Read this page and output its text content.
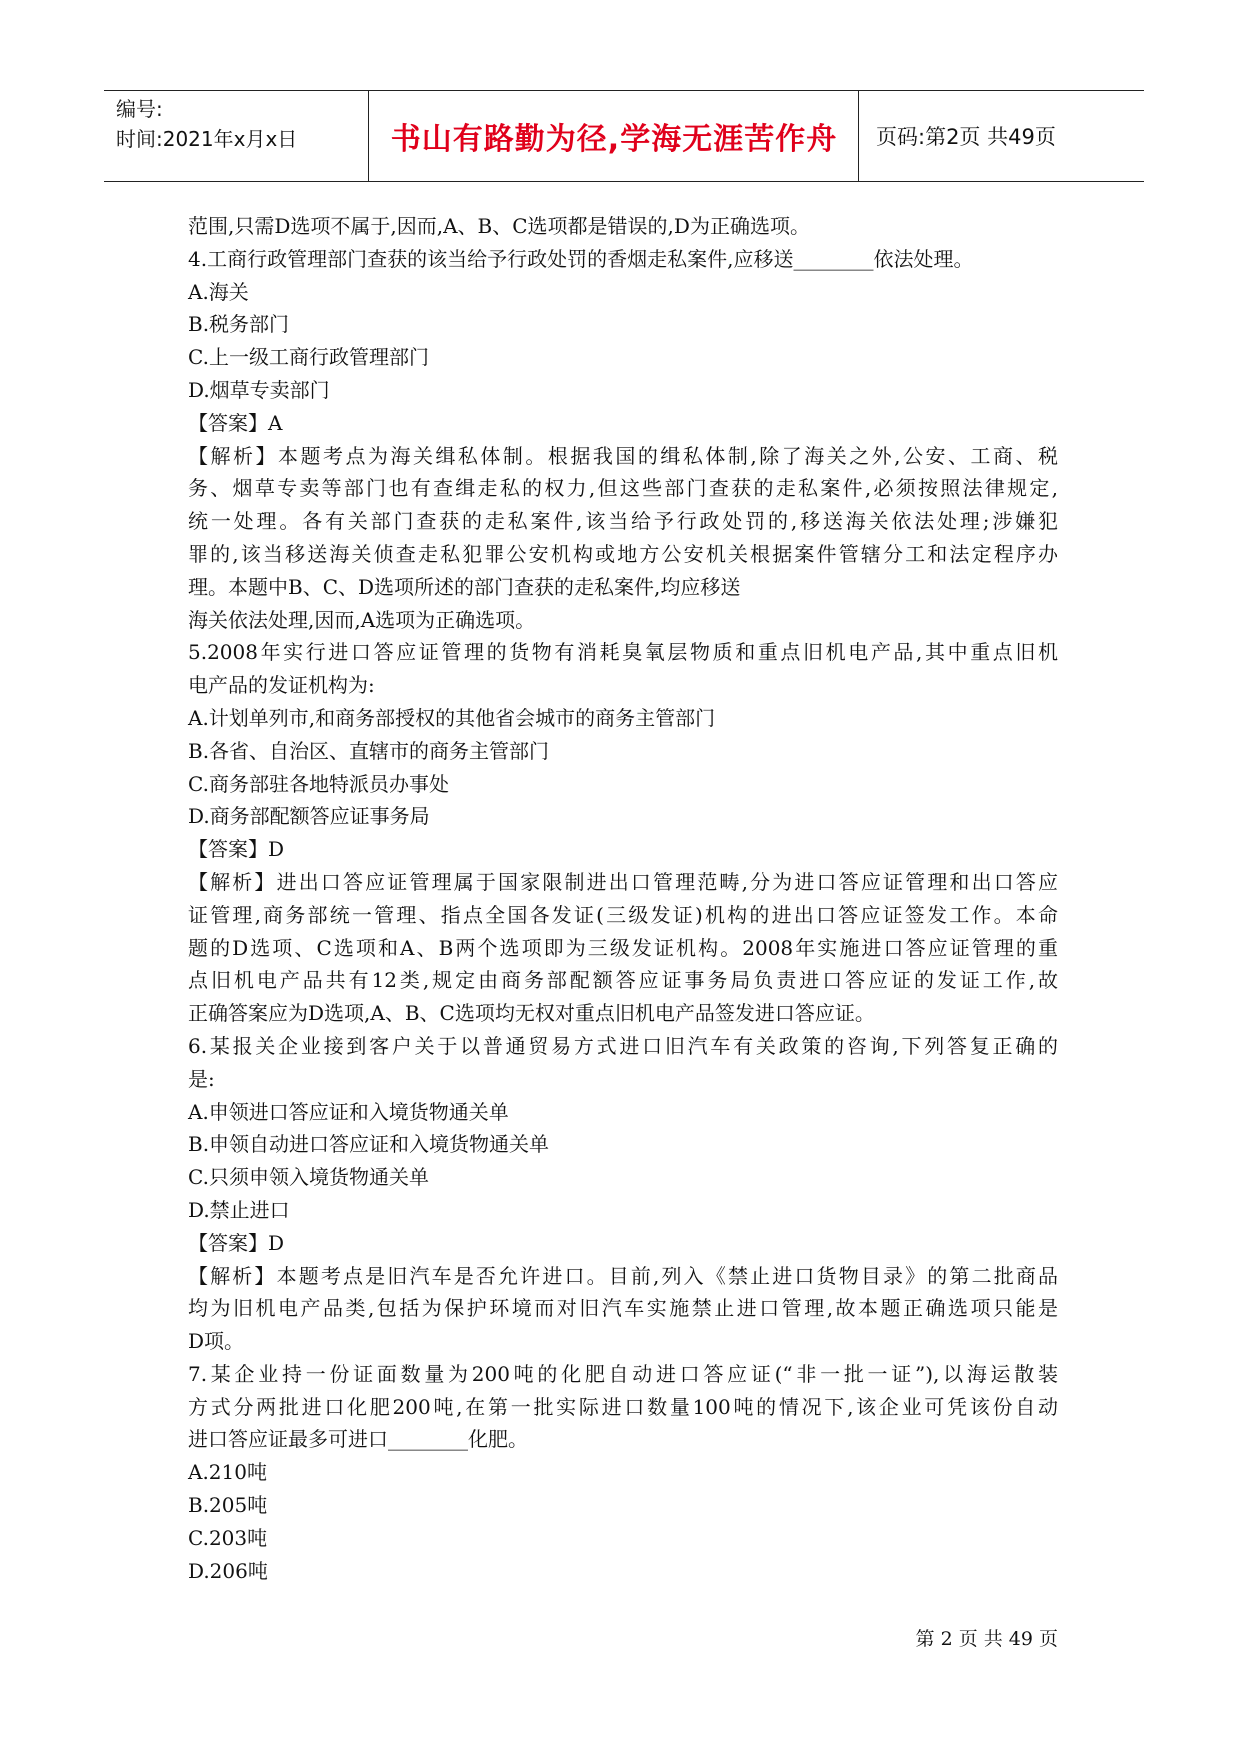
编号:
时间:2021年x月x日	书山有路勤为径,学海无涯苦作舟	页码:第2页 共49页

范围,只需D选项不属于,因而,A、B、C选项都是错误的,D为正确选项。

4.工商行政管理部门查获的该当给予行政处罚的香烟走私案件,应移送________依法处理。

A.海关

B.税务部门

C.上一级工商行政管理部门

D.烟草专卖部门

【答案】A

【解析】本题考点为海关缉私体制。根据我国的缉私体制,除了海关之外,公安、工商、税

务、烟草专卖等部门也有查缉走私的权力,但这些部门查获的走私案件,必须按照法律规定,

统一处理。各有关部门查获的走私案件,该当给予行政处罚的,移送海关依法处理;涉嫌犯

罪的,该当移送海关侦查走私犯罪公安机构或地方公安机关根据案件管辖分工和法定程序办

理。本题中B、C、D选项所述的部门查获的走私案件,均应移送

海关依法处理,因而,A选项为正确选项。

5.2008年实行进口答应证管理的货物有消耗臭氧层物质和重点旧机电产品,其中重点旧机

电产品的发证机构为:

A.计划单列市,和商务部授权的其他省会城市的商务主管部门

B.各省、自治区、直辖市的商务主管部门

C.商务部驻各地特派员办事处

D.商务部配额答应证事务局

【答案】D

【解析】进出口答应证管理属于国家限制进出口管理范畴,分为进口答应证管理和出口答应

证管理,商务部统一管理、指点全国各发证(三级发证)机构的进出口答应证签发工作。本命

题的D选项、C选项和A、B两个选项即为三级发证机构。2008年实施进口答应证管理的重

点旧机电产品共有12类,规定由商务部配额答应证事务局负责进口答应证的发证工作,故

正确答案应为D选项,A、B、C选项均无权对重点旧机电产品签发进口答应证。

6.某报关企业接到客户关于以普通贸易方式进口旧汽车有关政策的咨询,下列答复正确的

是:

A.申领进口答应证和入境货物通关单

B.申领自动进口答应证和入境货物通关单

C.只须申领入境货物通关单

D.禁止进口

【答案】D

【解析】本题考点是旧汽车是否允许进口。目前,列入《禁止进口货物目录》的第二批商品

均为旧机电产品类,包括为保护环境而对旧汽车实施禁止进口管理,故本题正确选项只能是

D项。

7.某企业持一份证面数量为200吨的化肥自动进口答应证(“非一批一证”),以海运散装

方式分两批进口化肥200吨,在第一批实际进口数量100吨的情况下,该企业可凭该份自动

进口答应证最多可进口________化肥。

A.210吨

B.205吨

C.203吨

D.206吨

第 2 页 共 49 页
